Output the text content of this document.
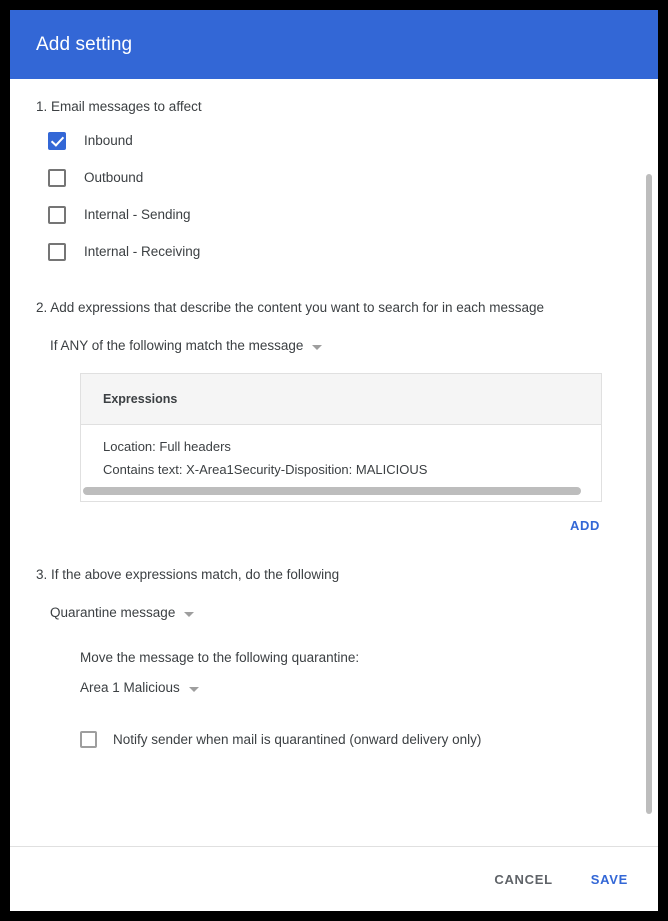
Add setting
1. Email messages to affect
Inbound
Outbound
Internal - Sending
Internal - Receiving
2. Add expressions that describe the content you want to search for in each message
If ANY of the following match the message
Expressions
Location: Full headers
Contains text: X-Area1Security-Disposition: MALICIOUS
ADD
3. If the above expressions match, do the following
Quarantine message
Move the message to the following quarantine:
Area 1 Malicious
Notify sender when mail is quarantined (onward delivery only)
CANCEL	SAVE
